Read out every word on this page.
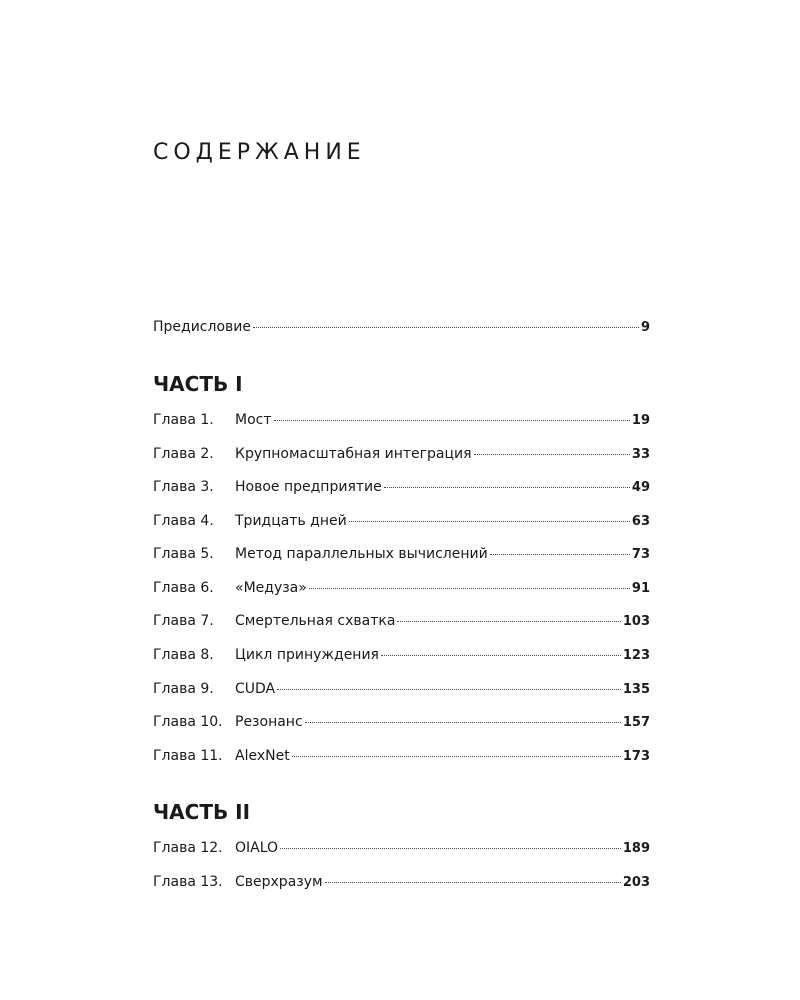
СОДЕРЖАНИЕ
Предисловие	9
ЧАСТЬ I
Глава 1.	Мост	19
Глава 2.	Крупномасштабная интеграция	33
Глава 3.	Новое предприятие	49
Глава 4.	Тридцать дней	63
Глава 5.	Метод параллельных вычислений	73
Глава 6.	«Медуза»	91
Глава 7.	Смертельная схватка	103
Глава 8.	Цикл принуждения	123
Глава 9.	CUDA	135
Глава 10. Резонанс	157
Глава 11. AlexNet	173
ЧАСТЬ II
Глава 12. OIALO	189
Глава 13. Сверхразум	203
